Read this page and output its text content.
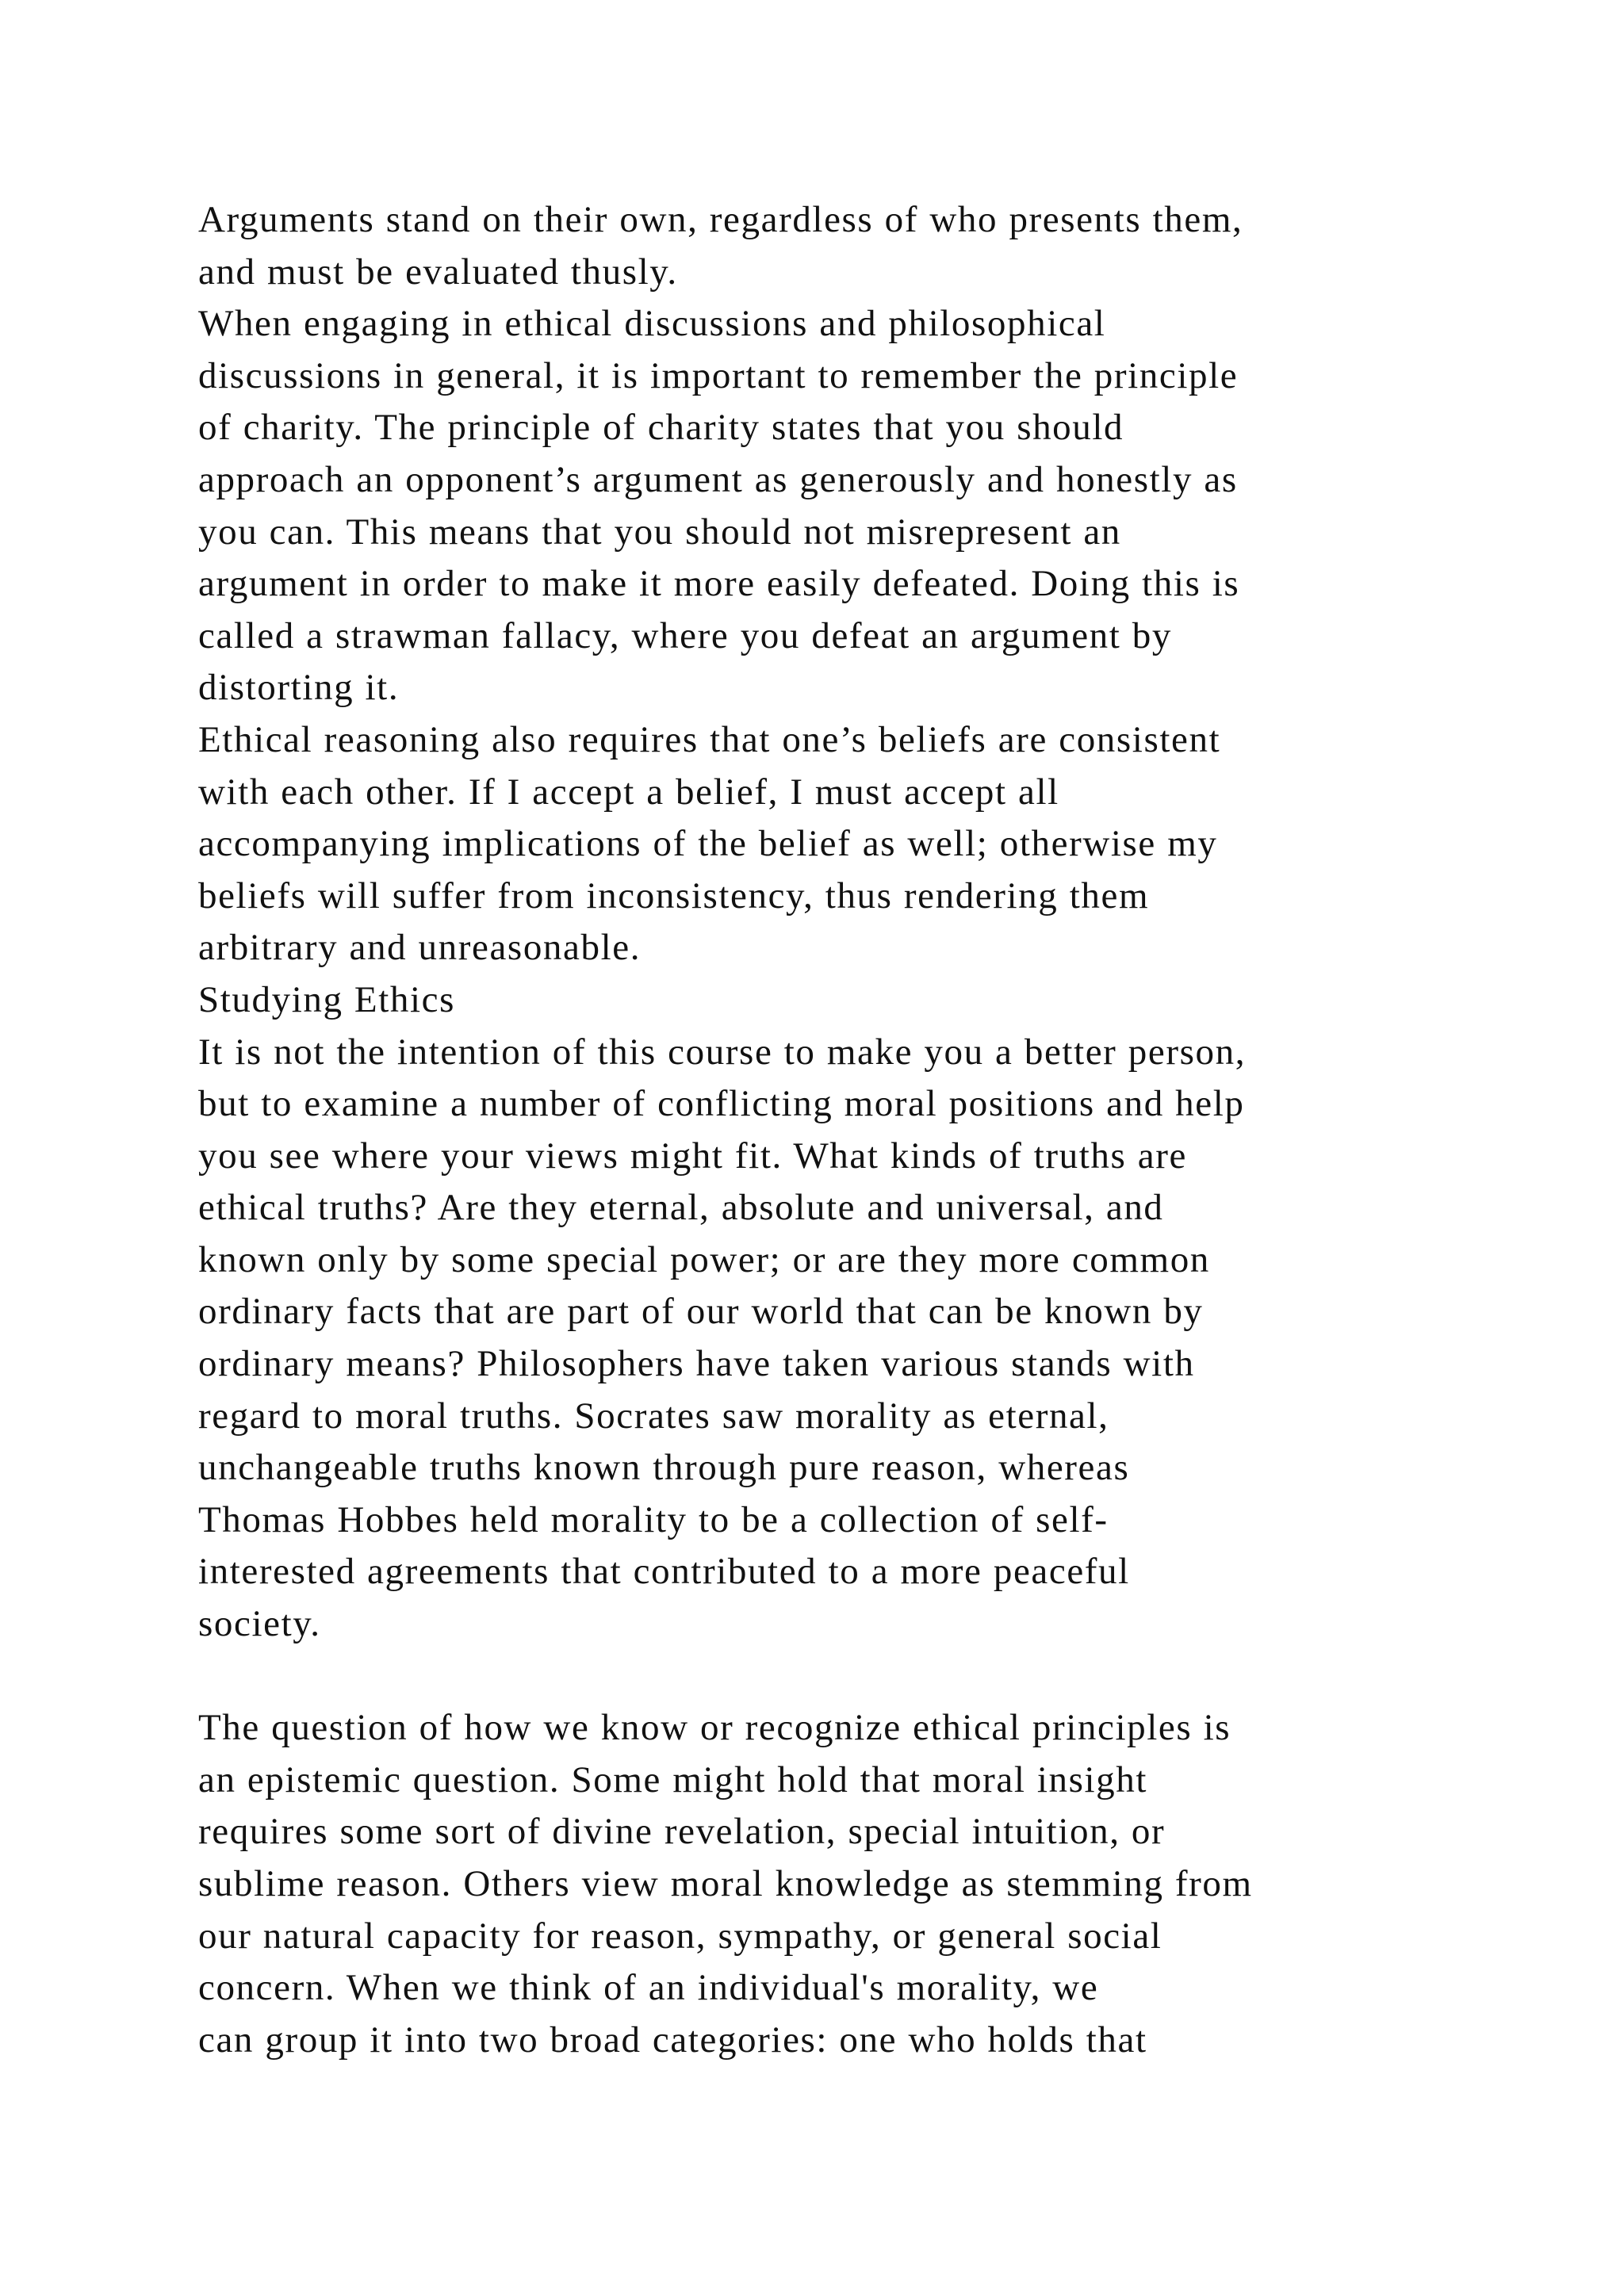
Arguments stand on their own, regardless of who presents them,
and must be evaluated thusly.
When engaging in ethical discussions and philosophical
discussions in general, it is important to remember the principle
of charity. The principle of charity states that you should
approach an opponent’s argument as generously and honestly as
you can. This means that you should not misrepresent an
argument in order to make it more easily defeated. Doing this is
called a strawman fallacy, where you defeat an argument by
distorting it.
Ethical reasoning also requires that one’s beliefs are consistent
with each other. If I accept a belief, I must accept all
accompanying implications of the belief as well; otherwise my
beliefs will suffer from inconsistency, thus rendering them
arbitrary and unreasonable.
Studying Ethics
It is not the intention of this course to make you a better person,
but to examine a number of conflicting moral positions and help
you see where your views might fit. What kinds of truths are
ethical truths? Are they eternal, absolute and universal, and
known only by some special power; or are they more common
ordinary facts that are part of our world that can be known by
ordinary means? Philosophers have taken various stands with
regard to moral truths. Socrates saw morality as eternal,
unchangeable truths known through pure reason, whereas
Thomas Hobbes held morality to be a collection of self-
interested agreements that contributed to a more peaceful
society.
The question of how we know or recognize ethical principles is
an epistemic question. Some might hold that moral insight
requires some sort of divine revelation, special intuition, or
sublime reason. Others view moral knowledge as stemming from
our natural capacity for reason, sympathy, or general social
concern. When we think of an individual's morality, we
can group it into two broad categories: one who holds that
